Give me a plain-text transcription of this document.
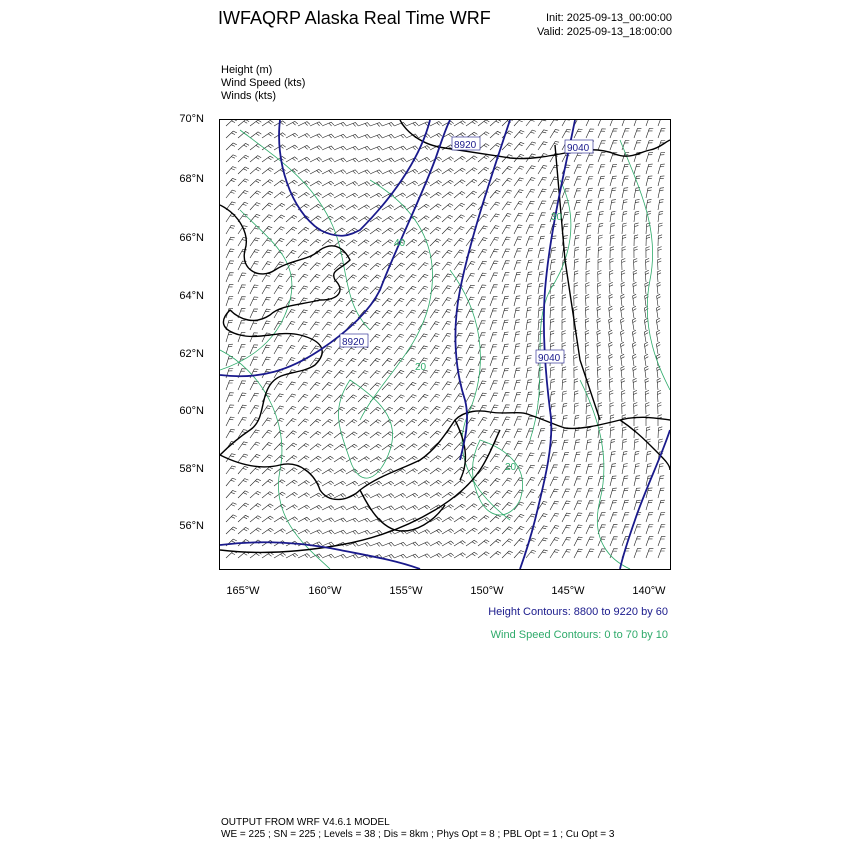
IWFAQRP Alaska Real Time WRF	Init: 2025-09-13_00:00:00
Valid: 2025-09-13_18:00:00
Height (m)
Wind Speed (kts)
Winds (kts)
70°N
68°N
66°N
64°N
62°N
60°N
58°N
56°N
165°W	160°W	155°W	150°W	145°W	140°W
8920	9040
8920
9040
40
30
20
20
Height Contours: 8800 to 9220 by 60
Wind Speed Contours: 0 to 70 by 10
OUTPUT FROM WRF V4.6.1 MODEL
WE = 225 ; SN = 225 ; Levels = 38 ; Dis = 8km ; Phys Opt = 8 ; PBL Opt = 1 ; Cu Opt = 3
